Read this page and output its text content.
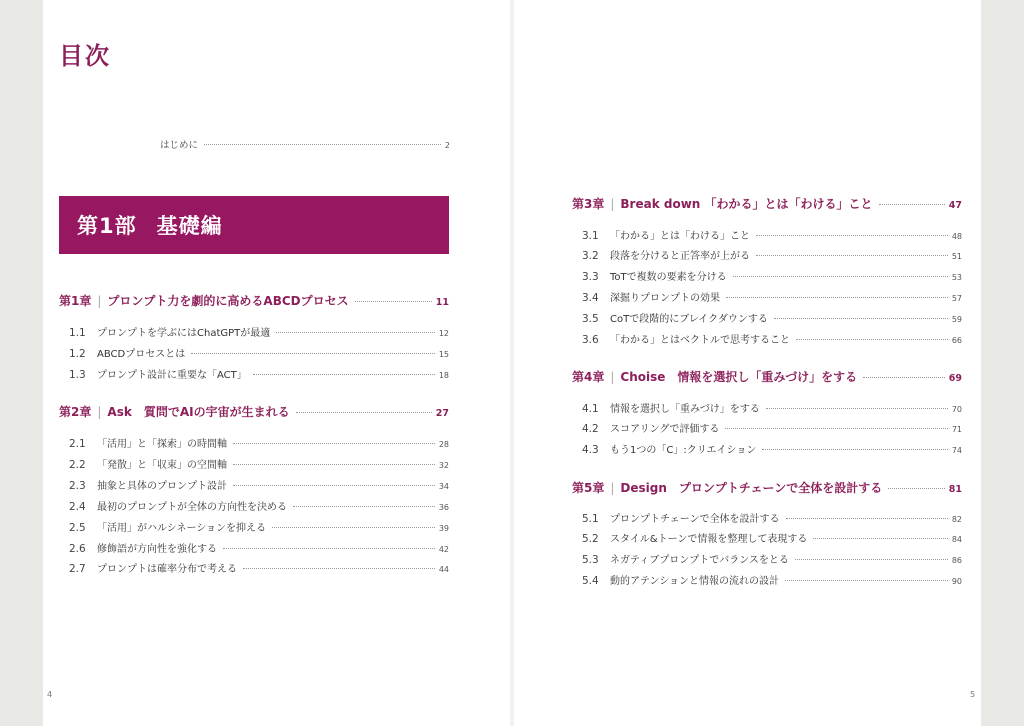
目次
はじめに	2
第1部 基礎編
第1章 | プロンプト力を劇的に高めるABCDプロセス	11
1.1	プロンプトを学ぶにはChatGPTが最適	12
1.2	ABCDプロセスとは	15
1.3	プロンプト設計に重要な「ACT」	18
第2章 | Ask　質問でAIの宇宙が生まれる	27
2.1	「活用」と「探索」の時間軸	28
2.2	「発散」と「収束」の空間軸	32
2.3	抽象と具体のプロンプト設計	34
2.4	最初のプロンプトが全体の方向性を決める	36
2.5	「活用」がハルシネーションを抑える	39
2.6	修飾語が方向性を強化する	42
2.7	プロンプトは確率分布で考える	44
第3章 | Break down 「わかる」とは「わける」こと	47
3.1	「わかる」とは「わける」こと	48
3.2	段落を分けると正答率が上がる	51
3.3	ToTで複数の要素を分ける	53
3.4	深掘りプロンプトの効果	57
3.5	CoTで段階的にブレイクダウンする	59
3.6	「わかる」とはベクトルで思考すること	66
第4章 | Choise　情報を選択し「重みづけ」をする	69
4.1	情報を選択し「重みづけ」をする	70
4.2	スコアリングで評価する	71
4.3	もう1つの「C」:クリエイション	74
第5章 | Design　プロンプトチェーンで全体を設計する	81
5.1	プロンプトチェーンで全体を設計する	82
5.2	スタイル&トーンで情報を整理して表現する	84
5.3	ネガティブプロンプトでバランスをとる	86
5.4	動的アテンションと情報の流れの設計	90
4	5
